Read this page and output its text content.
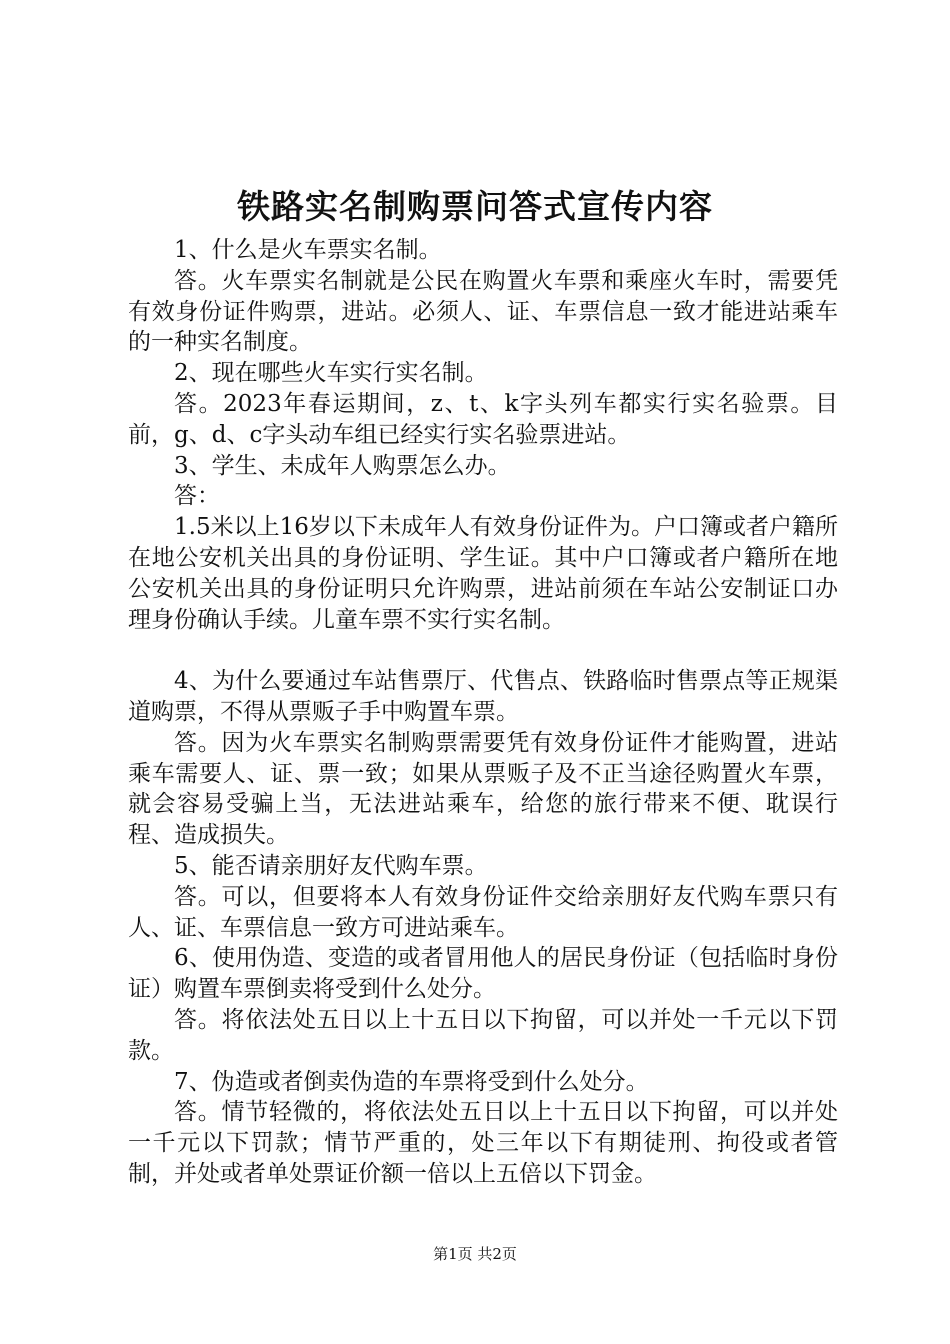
铁路实名制购票问答式宣传内容

1、什么是火车票实名制。

答。火车票实名制就是公民在购置火车票和乘座火车时，需要凭有效身份证件购票，进站。必须人、证、车票信息一致才能进站乘车的一种实名制度。

2、现在哪些火车实行实名制。

答。2023年春运期间，z、t、k字头列车都实行实名验票。目前，g、d、c字头动车组已经实行实名验票进站。

3、学生、未成年人购票怎么办。

答：

1.5米以上16岁以下未成年人有效身份证件为。户口簿或者户籍所在地公安机关出具的身份证明、学生证。其中户口簿或者户籍所在地公安机关出具的身份证明只允许购票，进站前须在车站公安制证口办理身份确认手续。儿童车票不实行实名制。

4、为什么要通过车站售票厅、代售点、铁路临时售票点等正规渠道购票，不得从票贩子手中购置车票。

答。因为火车票实名制购票需要凭有效身份证件才能购置，进站乘车需要人、证、票一致；如果从票贩子及不正当途径购置火车票，就会容易受骗上当，无法进站乘车，给您的旅行带来不便、耽误行程、造成损失。

5、能否请亲朋好友代购车票。

答。可以，但要将本人有效身份证件交给亲朋好友代购车票只有人、证、车票信息一致方可进站乘车。

6、使用伪造、变造的或者冒用他人的居民身份证（包括临时身份证）购置车票倒卖将受到什么处分。

答。将依法处五日以上十五日以下拘留，可以并处一千元以下罚款。

7、伪造或者倒卖伪造的车票将受到什么处分。

答。情节轻微的，将依法处五日以上十五日以下拘留，可以并处一千元以下罚款；情节严重的，处三年以下有期徒刑、拘役或者管制，并处或者单处票证价额一倍以上五倍以下罚金。

第1页 共2页
